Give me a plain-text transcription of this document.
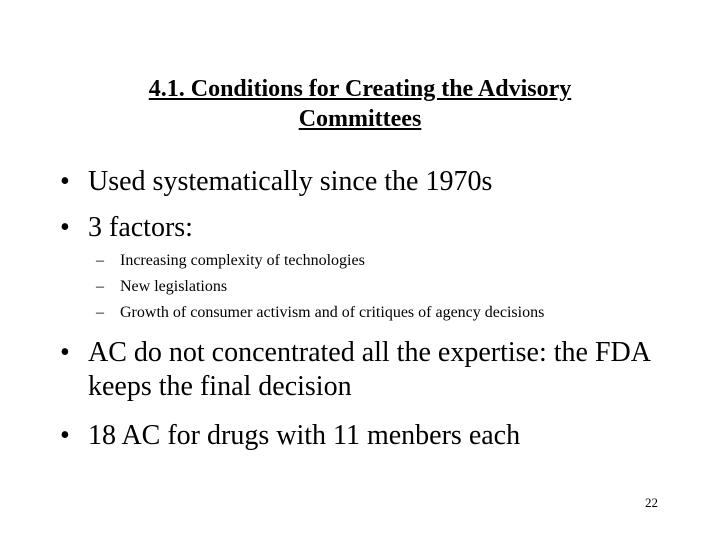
4.1. Conditions for Creating the Advisory
Committees
• Used systematically since the 1970s
• 3 factors:
– Increasing complexity of technologies
– New legislations
– Growth of consumer activism and of critiques of agency decisions
• AC do not concentrated all the expertise: the FDA keeps the final decision
• 18 AC for drugs with 11 menbers each
22
